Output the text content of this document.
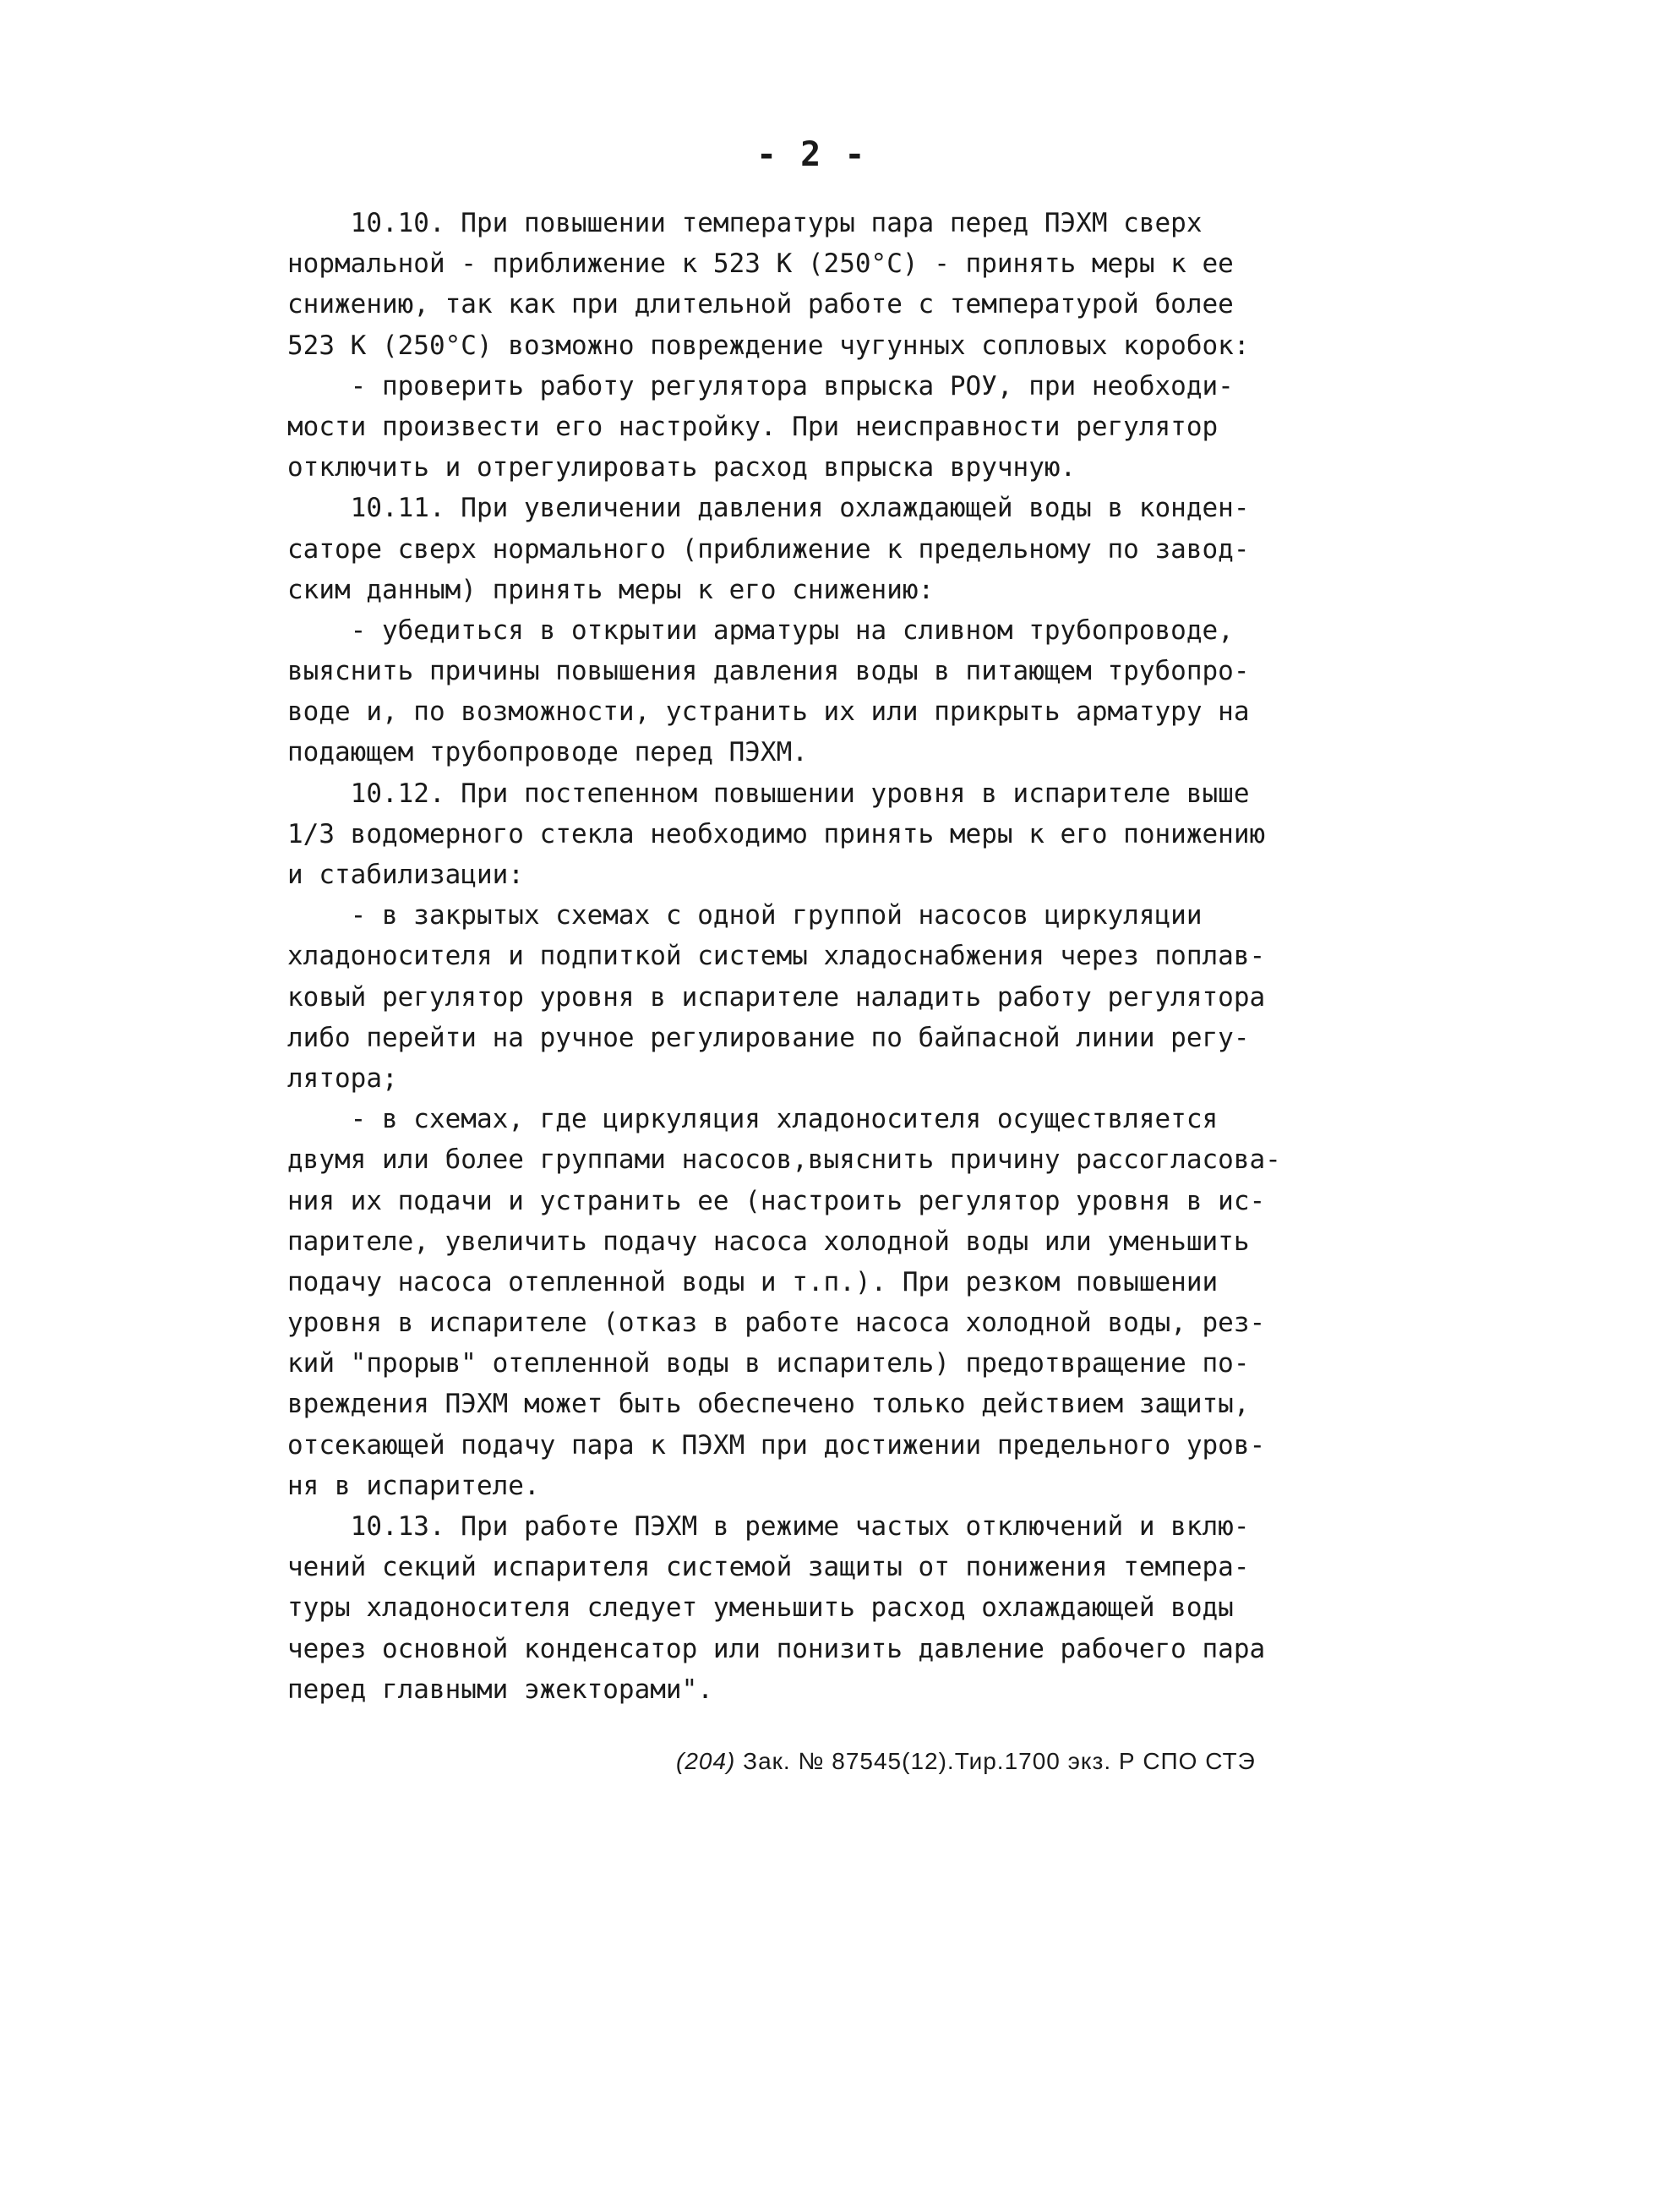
- 2 -
10.10. При повышении температуры пара перед ПЭХМ сверх
нормальной - приближение к 523 К (250°С) - принять меры к ее
снижению, так как при длительной работе с температурой более
523 К (250°С) возможно повреждение чугунных сопловых коробок:
- проверить работу регулятора впрыска РОУ, при необходи-
мости произвести его настройку. При неисправности регулятор
отключить и отрегулировать расход впрыска вручную.
10.11. При увеличении давления охлаждающей воды в конден-
саторе сверх нормального (приближение к предельному по завод-
ским данным) принять меры к его снижению:
- убедиться в открытии арматуры на сливном трубопроводе,
выяснить причины повышения давления воды в питающем трубопро-
воде и, по возможности, устранить их или прикрыть арматуру на
подающем трубопроводе перед ПЭХМ.
10.12. При постепенном повышении уровня в испарителе выше
1/3 водомерного стекла необходимо принять меры к его понижению
и стабилизации:
- в закрытых схемах с одной группой насосов циркуляции
хладоносителя и подпиткой системы хладоснабжения через поплав-
ковый регулятор уровня в испарителе наладить работу регулятора
либо перейти на ручное регулирование по байпасной линии регу-
лятора;
- в схемах, где циркуляция хладоносителя осуществляется
двумя или более группами насосов,выяснить причину рассогласова-
ния их подачи и устранить ее (настроить регулятор уровня в ис-
парителе, увеличить подачу насоса холодной воды или уменьшить
подачу насоса отепленной воды и т.п.). При резком повышении
уровня в испарителе (отказ в работе насоса холодной воды, рез-
кий "прорыв" отепленной воды в испаритель) предотвращение по-
вреждения ПЭХМ может быть обеспечено только действием защиты,
отсекающей подачу пара к ПЭХМ при достижении предельного уров-
ня в испарителе.
10.13. При работе ПЭХМ в режиме частых отключений и вклю-
чений секций испарителя системой защиты от понижения темпера-
туры хладоносителя следует уменьшить расход охлаждающей воды
через основной конденсатор или понизить давление рабочего пара
перед главными эжекторами".
(204) Зак. № 87545(12).Тир.1700 экз. Р СПО СТЭ
